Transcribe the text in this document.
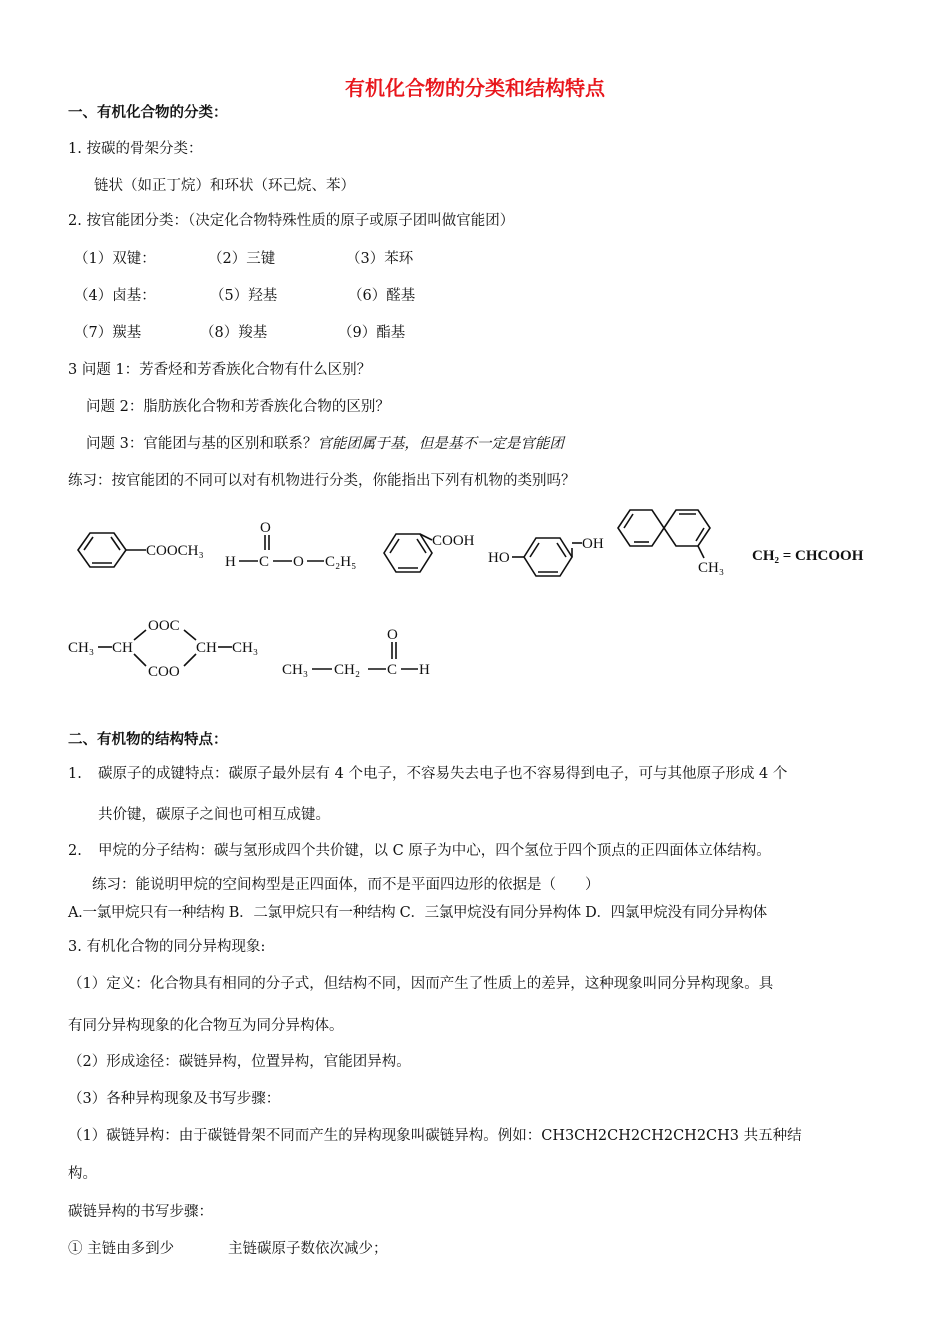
有机化合物的分类和结构特点
一、有机化合物的分类：
1. 按碳的骨架分类：
链状（如正丁烷）和环状（环己烷、苯）
2. 按官能团分类：（决定化合物特殊性质的原子或原子团叫做官能团）
（1）双键：	（2）三键	（3）苯环
（4）卤基：	（5）羟基	（6）醛基
（7）羰基	（8）羧基	（9）酯基
3 问题 1：芳香烃和芳香族化合物有什么区别？
问题 2：脂肪族化合物和芳香族化合物的区别？
问题 3：官能团与基的区别和联系？官能团属于基，但是基不一定是官能团
练习：按官能团的不同可以对有机物进行分类，你能指出下列有机物的类别吗？
COOCH₃
H C
O
O C₂H₅
COOH
HO
OH
CH₃
CH₂ = CHCOOH
CH₃ CH
OOC
COO
CH CH₃
CH₃ CH₂ C
O
H
二、有机物的结构特点：
1. 碳原子的成键特点：碳原子最外层有 4 个电子，不容易失去电子也不容易得到电子，可与其他原子形成 4 个
共价键，碳原子之间也可相互成键。
2. 甲烷的分子结构：碳与氢形成四个共价键，以 C 原子为中心，四个氢位于四个顶点的正四面体立体结构。
练习：能说明甲烷的空间构型是正四面体，而不是平面四边形的依据是（　　）
A.一氯甲烷只有一种结构 B．二氯甲烷只有一种结构 C．三氯甲烷没有同分异构体 D．四氯甲烷没有同分异构体
3. 有机化合物的同分异构现象:
（1）定义：化合物具有相同的分子式，但结构不同，因而产生了性质上的差异，这种现象叫同分异构现象。具
有同分异构现象的化合物互为同分异构体。
（2）形成途径：碳链异构，位置异构，官能团异构。
（3）各种异构现象及书写步骤：
（1）碳链异构：由于碳链骨架不同而产生的异构现象叫碳链异构。例如：CH3CH2CH2CH2CH2CH3 共五种结
构。
碳链异构的书写步骤：
① 主链由多到少	主链碳原子数依次减少；
